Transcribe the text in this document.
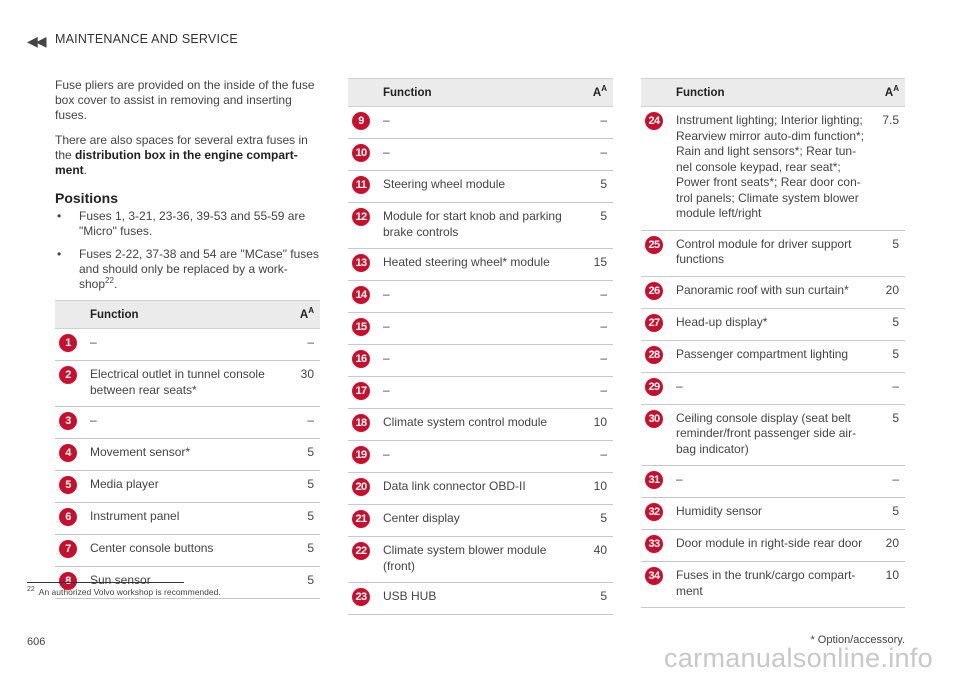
◀◀ MAINTENANCE AND SERVICE

Fuse pliers are provided on the inside of the fuse box cover to assist in removing and inserting fuses.

There are also spaces for several extra fuses in the distribution box in the engine compart-ment.

Positions
• Fuses 1, 3-21, 23-36, 39-53 and 55-59 are "Micro" fuses.
• Fuses 2-22, 37-38 and 54 are "MCase" fuses and should only be replaced by a work-shop$^{22}$.
	Function	$A^A$
1	–	–
2	Electrical outlet in tunnel console between rear seats*	30
3	–	–
4	Movement sensor*	5
5	Media player	5
6	Instrument panel	5
7	Center console buttons	5
8	Sun sensor	5
	Function	$A^A$
9	–	–
10	–	–
11	Steering wheel module	5
12	Module for start knob and parking brake controls	5
13	Heated steering wheel* module	15
14	–	–
15	–	–
16	–	–
17	–	–
18	Climate system control module	10
19	–	–
20	Data link connector OBD-II	10
21	Center display	5
22	Climate system blower module (front)	40
23	USB HUB	5
	Function	$A^A$
24	Instrument lighting; Interior lighting; Rearview mirror auto-dim function*; Rain and light sensors*; Rear tun-nel console keypad, rear seat*; Power front seats*; Rear door con-trol panels; Climate system blower module left/right	7.5
25	Control module for driver support functions	5
26	Panoramic roof with sun curtain*	20
27	Head-up display*	5
28	Passenger compartment lighting	5
29	–	–
30	Ceiling console display (seat belt reminder/front passenger side air-bag indicator)	5
31	–	–
32	Humidity sensor	5
33	Door module in right-side rear door	20
34	Fuses in the trunk/cargo compart-ment	10
$^{22}$ An authorized Volvo workshop is recommended.
606	* Option/accessory.
carmanualsonline.info
